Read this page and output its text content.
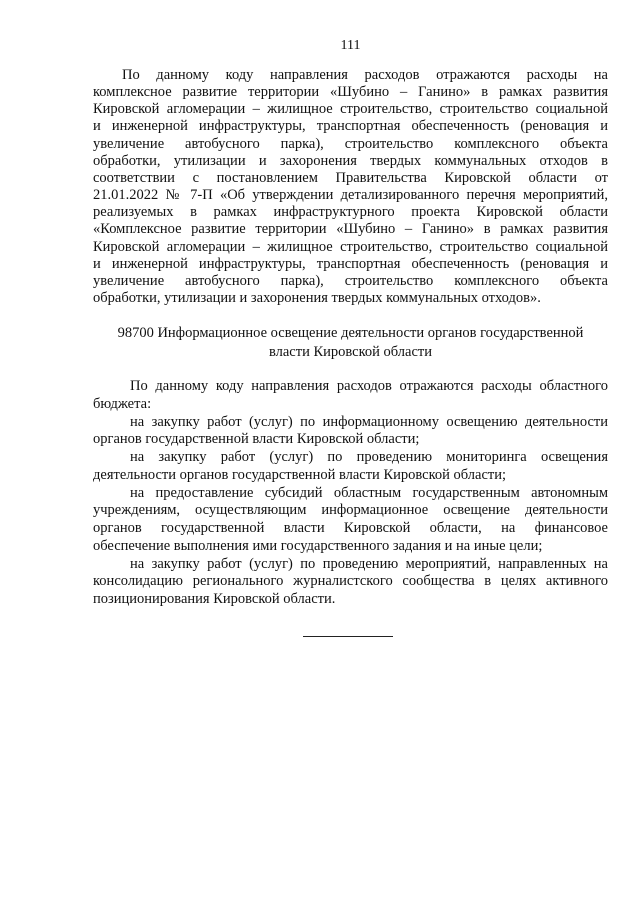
111
По данному коду направления расходов отражаются расходы на
комплексное развитие территории «Шубино – Ганино» в рамках развития
Кировской агломерации – жилищное строительство, строительство социальной
и инженерной инфраструктуры, транспортная обеспеченность (реновация и
увеличение автобусного парка), строительство комплексного объекта
обработки, утилизации и захоронения твердых коммунальных отходов в
соответствии с постановлением Правительства Кировской области от
21.01.2022 № 7-П «Об утверждении детализированного перечня мероприятий,
реализуемых в рамках инфраструктурного проекта Кировской области
«Комплексное развитие территории «Шубино – Ганино» в рамках развития
Кировской агломерации – жилищное строительство, строительство социальной
и инженерной инфраструктуры, транспортная обеспеченность (реновация и
увеличение автобусного парка), строительство комплексного объекта
обработки, утилизации и захоронения твердых коммунальных отходов».
98700 Информационное освещение деятельности органов государственной
власти Кировской области
По данному коду направления расходов отражаются расходы областного
бюджета:
на закупку работ (услуг) по информационному освещению деятельности
органов государственной власти Кировской области;
на закупку работ (услуг) по проведению мониторинга освещения
деятельности органов государственной власти Кировской области;
на предоставление субсидий областным государственным автономным
учреждениям, осуществляющим информационное освещение деятельности
органов государственной власти Кировской области, на финансовое
обеспечение выполнения ими государственного задания и на иные цели;
на закупку работ (услуг) по проведению мероприятий, направленных на
консолидацию регионального журналистского сообщества в целях активного
позиционирования Кировской области.
